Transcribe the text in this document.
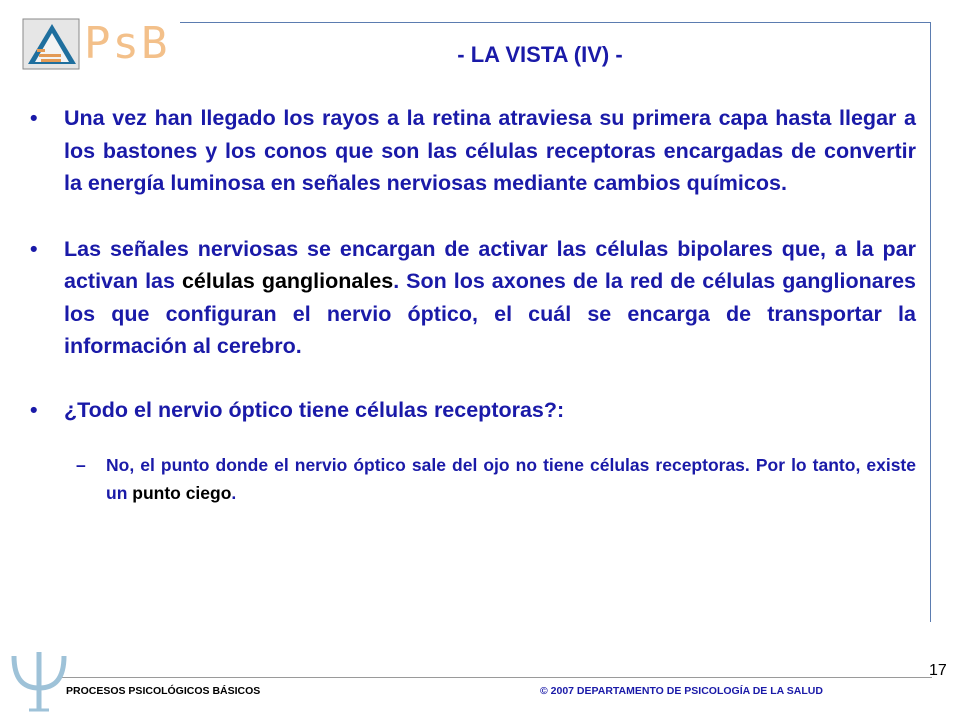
PsB	- LA VISTA (IV) -
• Una vez han llegado los rayos a la retina atraviesa su primera capa hasta llegar a los bastones y los conos que son las células receptoras encargadas de convertir la energía luminosa en señales nerviosas mediante cambios químicos.
• Las señales nerviosas se encargan de activar las células bipolares que, a la par activan las células ganglionales. Son los axones de la red de células ganglionares los que configuran el nervio óptico, el cuál se encarga de transportar la información al cerebro.
• ¿Todo el nervio óptico tiene células receptoras?:
– No, el punto donde el nervio óptico sale del ojo no tiene células receptoras. Por lo tanto, existe un punto ciego.
PROCESOS PSICOLÓGICOS BÁSICOS	© 2007 DEPARTAMENTO DE PSICOLOGÍA DE LA SALUD
17
